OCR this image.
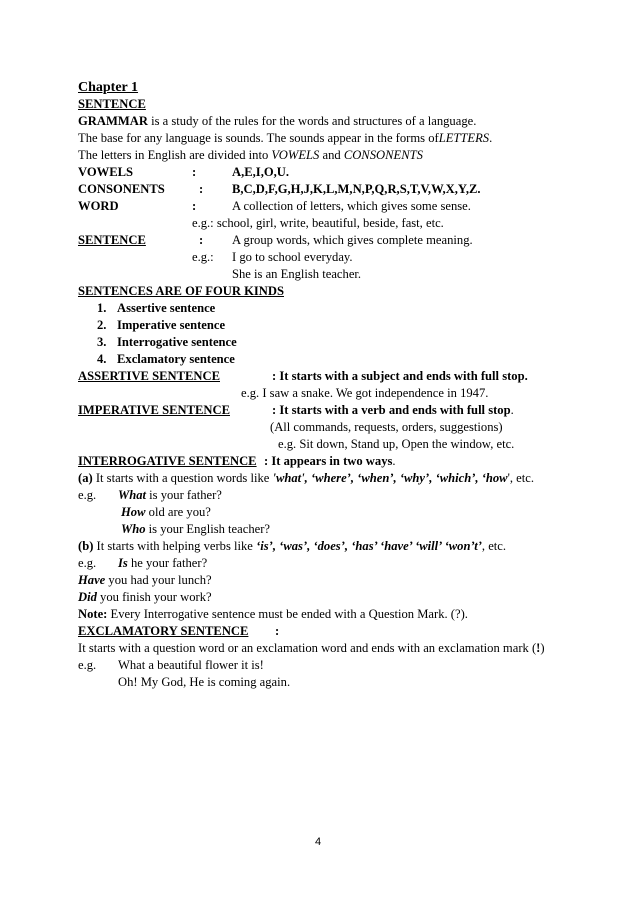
Chapter 1
SENTENCE
GRAMMAR is a study of the rules for the words and structures of a language.
The base for any language is sounds. The sounds appear in the forms ofLETTERS.
The letters in English are divided into VOWELS and CONSONENTS
VOWELS	:	A,E,I,O,U.
CONSONENTS	: B,C,D,F,G,H,J,K,L,M,N,P,Q,R,S,T,V,W,X,Y,Z.
WORD	:	A collection of letters, which gives some sense.
e.g.: school, girl, write, beautiful, beside, fast, etc.
SENTENCE	: A group words, which gives complete meaning.
e.g.: I go to school everyday.
She is an English teacher.
SENTENCES ARE OF FOUR KINDS
1. Assertive sentence
2. Imperative sentence
3. Interrogative sentence
4. Exclamatory sentence
ASSERTIVE SENTENCE	: It starts with a subject and ends with full stop.
e.g. I saw a snake. We got independence in 1947.
IMPERATIVE SENTENCE	: It starts with a verb and ends with full stop.
(All commands, requests, orders, suggestions)
e.g. Sit down, Stand up, Open the window, etc.
INTERROGATIVE SENTENCE : It appears in two ways.
(a) It starts with a question words like 'what', ‘where’, ‘when’, ‘why’, ‘which’, ‘how', etc.
e.g. What is your father?
How old are you?
Who is your English teacher?
(b) It starts with helping verbs like ‘is’, ‘was’, ‘does’, ‘has’ ‘have’ ‘will’ ‘won’t’, etc.
e.g. Is he your father?
Have you had your lunch?
Did you finish your work?
Note: Every Interrogative sentence must be ended with a Question Mark. (?).
EXCLAMATORY SENTENCE :
It starts with a question word or an exclamation word and ends with an exclamation mark (!)
e.g. What a beautiful flower it is!
Oh! My God, He is coming again.
4
